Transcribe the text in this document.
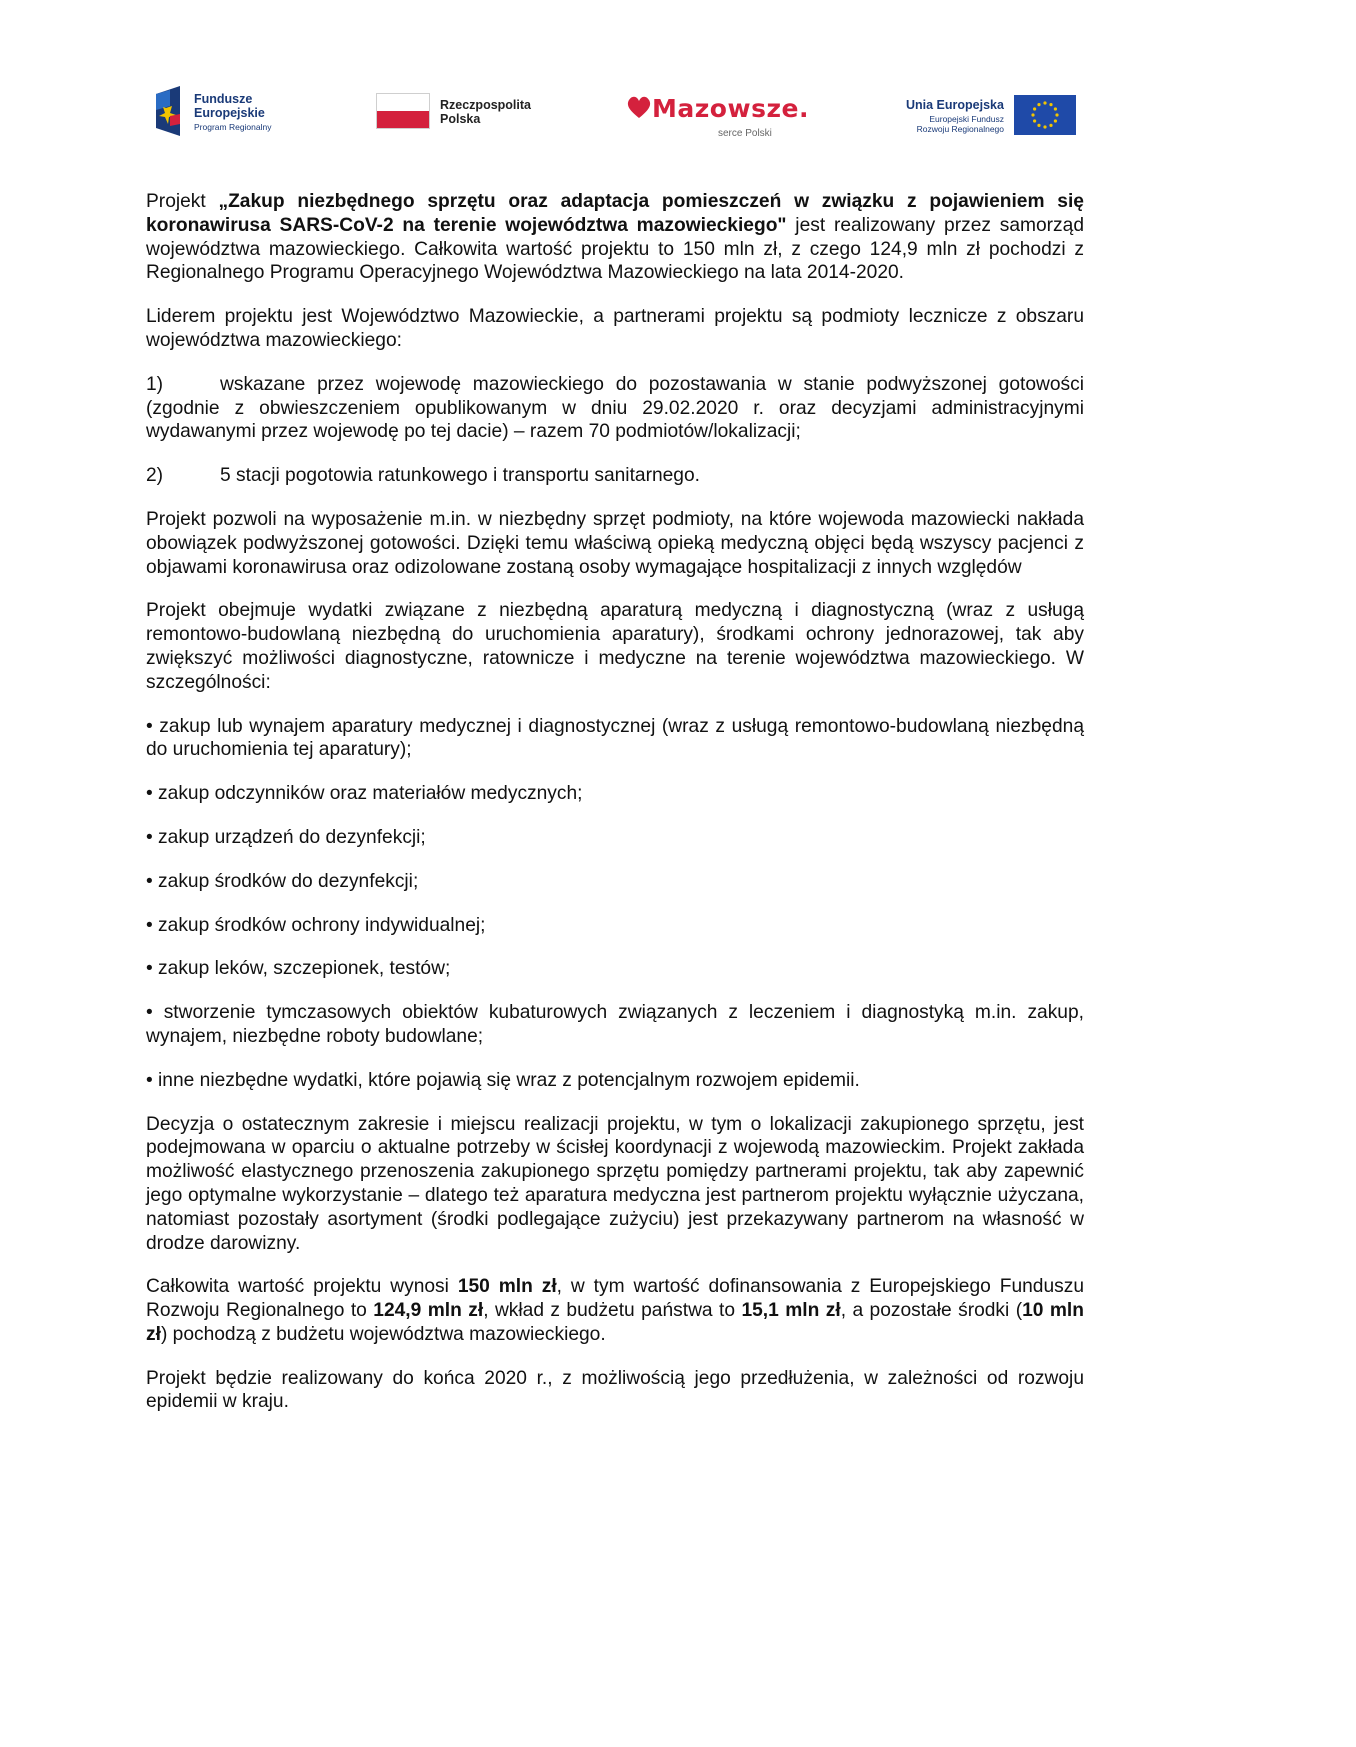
Fundusze
Europejskie
Program Regionalny
Rzeczpospolita
Polska	Mazowsze.
serce Polski
Unia Europejska
Europejski Fundusz
Rozwoju Regionalnego

Projekt „Zakup niezbędnego sprzętu oraz adaptacja pomieszczeń w związku z pojawieniem się koronawirusa SARS-CoV-2 na terenie województwa mazowieckiego" jest realizowany przez samorząd województwa mazowieckiego. Całkowita wartość projektu to 150 mln zł, z czego 124,9 mln zł pochodzi z Regionalnego Programu Operacyjnego Województwa Mazowieckiego na lata 2014-2020.

Liderem projektu jest Województwo Mazowieckie, a partnerami projektu są podmioty lecznicze z obszaru województwa mazowieckiego:

1)	wskazane przez wojewodę mazowieckiego do pozostawania w stanie podwyższonej gotowości (zgodnie z obwieszczeniem opublikowanym w dniu 29.02.2020 r. oraz decyzjami administracyjnymi wydawanymi przez wojewodę po tej dacie) – razem 70 podmiotów/lokalizacji;

2)	5 stacji pogotowia ratunkowego i transportu sanitarnego.

Projekt pozwoli na wyposażenie m.in. w niezbędny sprzęt podmioty, na które wojewoda mazowiecki nakłada obowiązek podwyższonej gotowości. Dzięki temu właściwą opieką medyczną objęci będą wszyscy pacjenci z objawami koronawirusa oraz odizolowane zostaną osoby wymagające hospitalizacji z innych względów

Projekt obejmuje wydatki związane z niezbędną aparaturą medyczną i diagnostyczną (wraz z usługą remontowo-budowlaną niezbędną do uruchomienia aparatury), środkami ochrony jednorazowej, tak aby zwiększyć możliwości diagnostyczne, ratownicze i medyczne na terenie województwa mazowieckiego. W szczególności:

• zakup lub wynajem aparatury medycznej i diagnostycznej (wraz z usługą remontowo-budowlaną niezbędną do uruchomienia tej aparatury);

• zakup odczynników oraz materiałów medycznych;

• zakup urządzeń do dezynfekcji;

• zakup środków do dezynfekcji;

• zakup środków ochrony indywidualnej;

• zakup leków, szczepionek, testów;

• stworzenie tymczasowych obiektów kubaturowych związanych z leczeniem i diagnostyką m.in. zakup, wynajem, niezbędne roboty budowlane;

• inne niezbędne wydatki, które pojawią się wraz z potencjalnym rozwojem epidemii.

Decyzja o ostatecznym zakresie i miejscu realizacji projektu, w tym o lokalizacji zakupionego sprzętu, jest podejmowana w oparciu o aktualne potrzeby w ścisłej koordynacji z wojewodą mazowieckim. Projekt zakłada możliwość elastycznego przenoszenia zakupionego sprzętu pomiędzy partnerami projektu, tak aby zapewnić jego optymalne wykorzystanie – dlatego też aparatura medyczna jest partnerom projektu wyłącznie użyczana, natomiast pozostały asortyment (środki podlegające zużyciu) jest przekazywany partnerom na własność w drodze darowizny.

Całkowita wartość projektu wynosi 150 mln zł, w tym wartość dofinansowania z Europejskiego Funduszu Rozwoju Regionalnego to 124,9 mln zł, wkład z budżetu państwa to 15,1 mln zł, a pozostałe środki (10 mln zł) pochodzą z budżetu województwa mazowieckiego.

Projekt będzie realizowany do końca 2020 r., z możliwością jego przedłużenia, w zależności od rozwoju epidemii w kraju.
